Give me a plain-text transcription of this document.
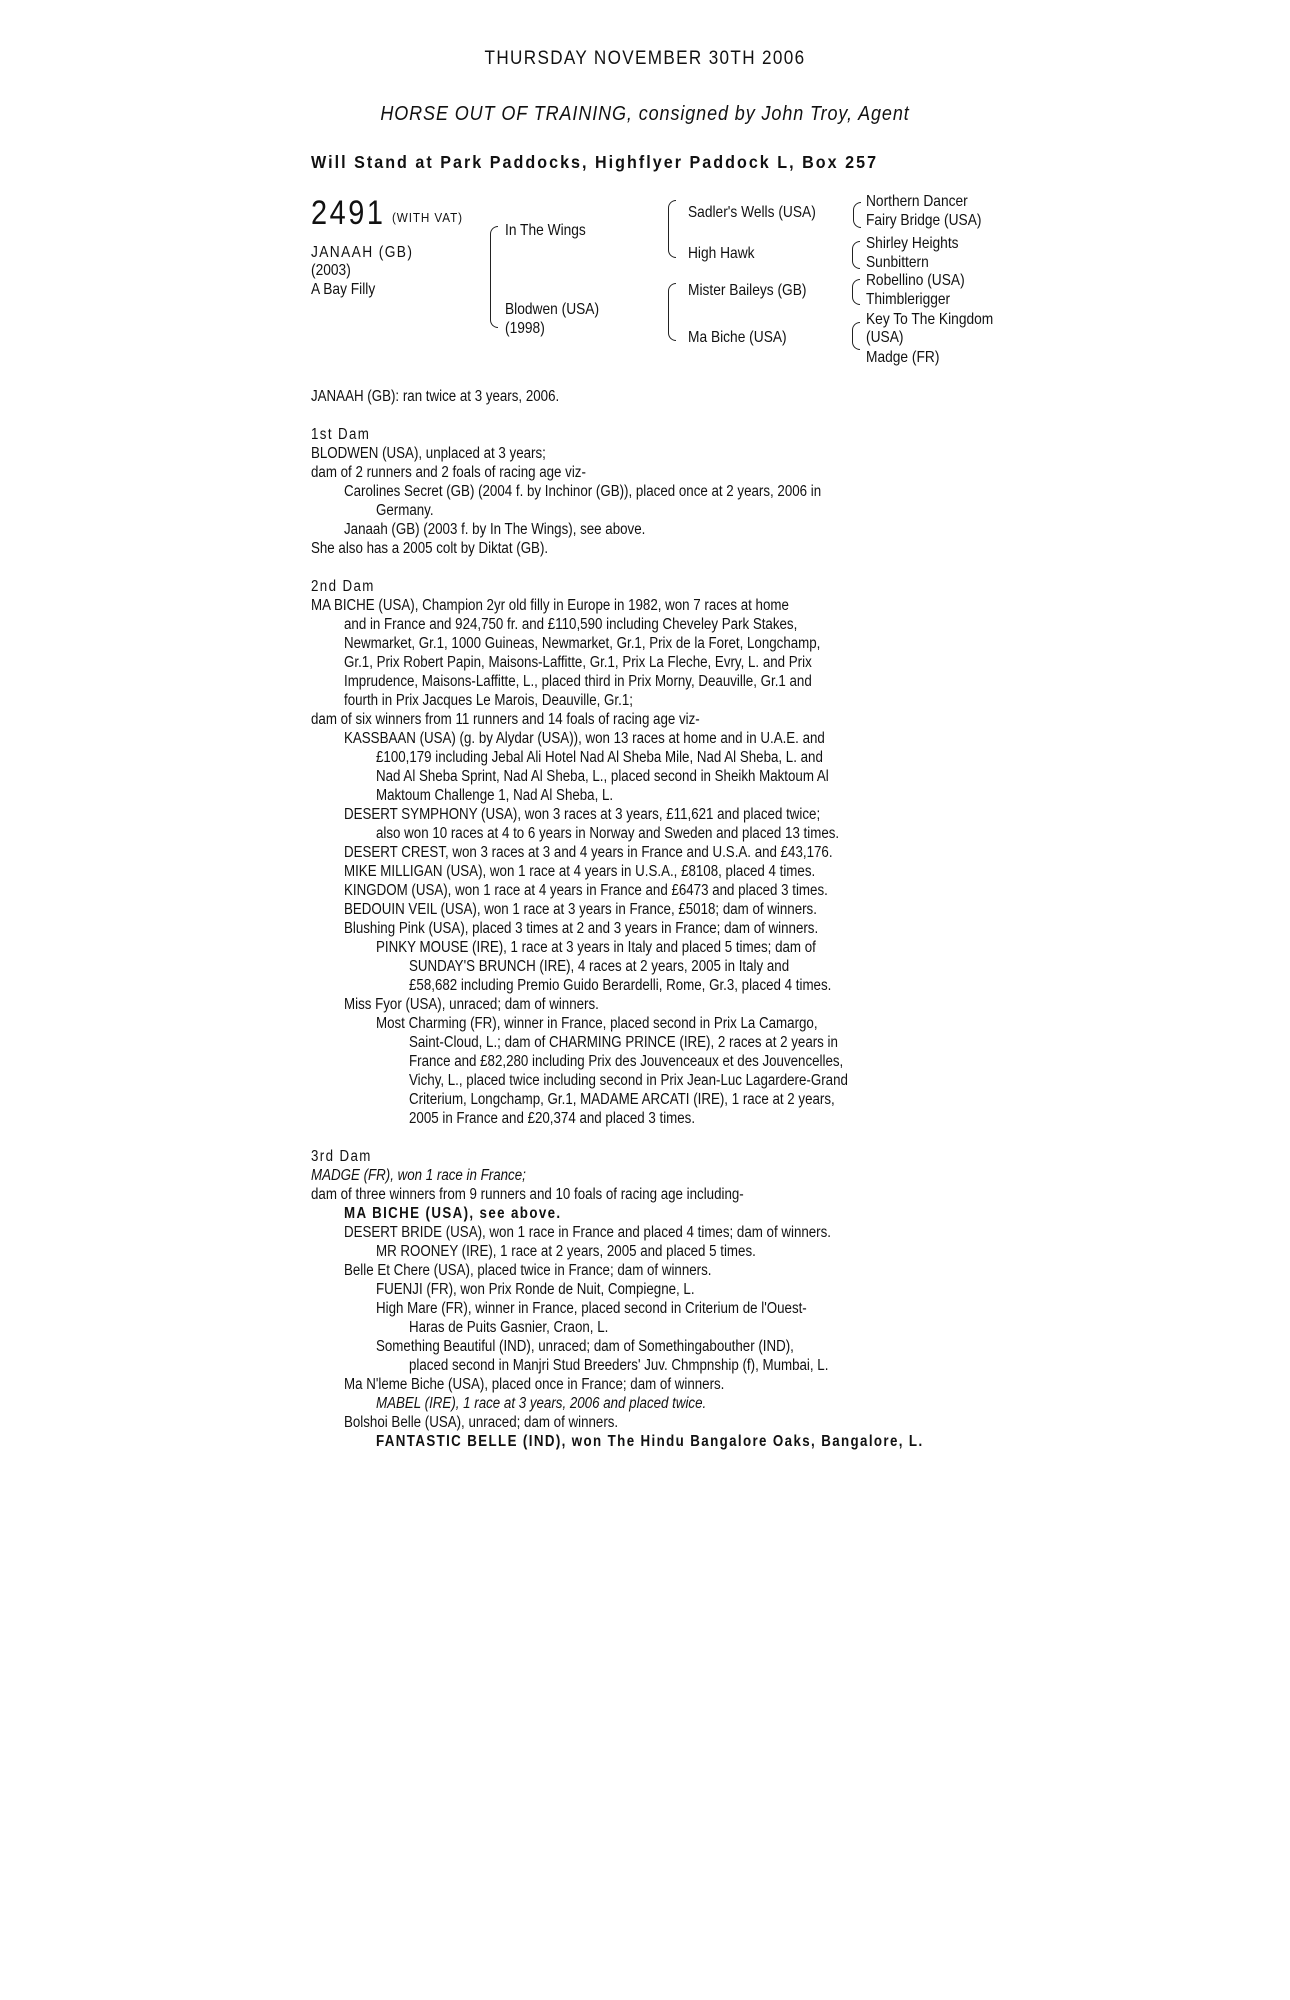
THURSDAY NOVEMBER 30TH 2006
HORSE OUT OF TRAINING, consigned by John Troy, Agent
Will Stand at Park Paddocks, Highflyer Paddock L, Box 257
2491 (WITH VAT)
JANAAH (GB)
(2003)
A Bay Filly
In The Wings
Blodwen (USA)
(1998)
Sadler's Wells (USA)
High Hawk
Mister Baileys (GB)
Ma Biche (USA)
Northern Dancer
Fairy Bridge (USA)
Shirley Heights
Sunbittern
Robellino (USA)
Thimblerigger
Key To The Kingdom
(USA)
Madge (FR)
JANAAH (GB): ran twice at 3 years, 2006.
1st Dam
BLODWEN (USA), unplaced at 3 years;
dam of 2 runners and 2 foals of racing age viz-
Carolines Secret (GB) (2004 f. by Inchinor (GB)), placed once at 2 years, 2006 in
Germany.
Janaah (GB) (2003 f. by In The Wings), see above.
She also has a 2005 colt by Diktat (GB).
2nd Dam
MA BICHE (USA), Champion 2yr old filly in Europe in 1982, won 7 races at home
and in France and 924,750 fr. and £110,590 including Cheveley Park Stakes,
Newmarket, Gr.1, 1000 Guineas, Newmarket, Gr.1, Prix de la Foret, Longchamp,
Gr.1, Prix Robert Papin, Maisons-Laffitte, Gr.1, Prix La Fleche, Evry, L. and Prix
Imprudence, Maisons-Laffitte, L., placed third in Prix Morny, Deauville, Gr.1 and
fourth in Prix Jacques Le Marois, Deauville, Gr.1;
dam of six winners from 11 runners and 14 foals of racing age viz-
KASSBAAN (USA) (g. by Alydar (USA)), won 13 races at home and in U.A.E. and
£100,179 including Jebal Ali Hotel Nad Al Sheba Mile, Nad Al Sheba, L. and
Nad Al Sheba Sprint, Nad Al Sheba, L., placed second in Sheikh Maktoum Al
Maktoum Challenge 1, Nad Al Sheba, L.
DESERT SYMPHONY (USA), won 3 races at 3 years, £11,621 and placed twice;
also won 10 races at 4 to 6 years in Norway and Sweden and placed 13 times.
DESERT CREST, won 3 races at 3 and 4 years in France and U.S.A. and £43,176.
MIKE MILLIGAN (USA), won 1 race at 4 years in U.S.A., £8108, placed 4 times.
KINGDOM (USA), won 1 race at 4 years in France and £6473 and placed 3 times.
BEDOUIN VEIL (USA), won 1 race at 3 years in France, £5018; dam of winners.
Blushing Pink (USA), placed 3 times at 2 and 3 years in France; dam of winners.
PINKY MOUSE (IRE), 1 race at 3 years in Italy and placed 5 times; dam of
SUNDAY'S BRUNCH (IRE), 4 races at 2 years, 2005 in Italy and
£58,682 including Premio Guido Berardelli, Rome, Gr.3, placed 4 times.
Miss Fyor (USA), unraced; dam of winners.
Most Charming (FR), winner in France, placed second in Prix La Camargo,
Saint-Cloud, L.; dam of CHARMING PRINCE (IRE), 2 races at 2 years in
France and £82,280 including Prix des Jouvenceaux et des Jouvencelles,
Vichy, L., placed twice including second in Prix Jean-Luc Lagardere-Grand
Criterium, Longchamp, Gr.1, MADAME ARCATI (IRE), 1 race at 2 years,
2005 in France and £20,374 and placed 3 times.
3rd Dam
MADGE (FR), won 1 race in France;
dam of three winners from 9 runners and 10 foals of racing age including-
MA BICHE (USA), see above.
DESERT BRIDE (USA), won 1 race in France and placed 4 times; dam of winners.
MR ROONEY (IRE), 1 race at 2 years, 2005 and placed 5 times.
Belle Et Chere (USA), placed twice in France; dam of winners.
FUENJI (FR), won Prix Ronde de Nuit, Compiegne, L.
High Mare (FR), winner in France, placed second in Criterium de l'Ouest-
Haras de Puits Gasnier, Craon, L.
Something Beautiful (IND), unraced; dam of Somethingabouther (IND),
placed second in Manjri Stud Breeders' Juv. Chmpnship (f), Mumbai, L.
Ma N'leme Biche (USA), placed once in France; dam of winners.
MABEL (IRE), 1 race at 3 years, 2006 and placed twice.
Bolshoi Belle (USA), unraced; dam of winners.
FANTASTIC BELLE (IND), won The Hindu Bangalore Oaks, Bangalore, L.
